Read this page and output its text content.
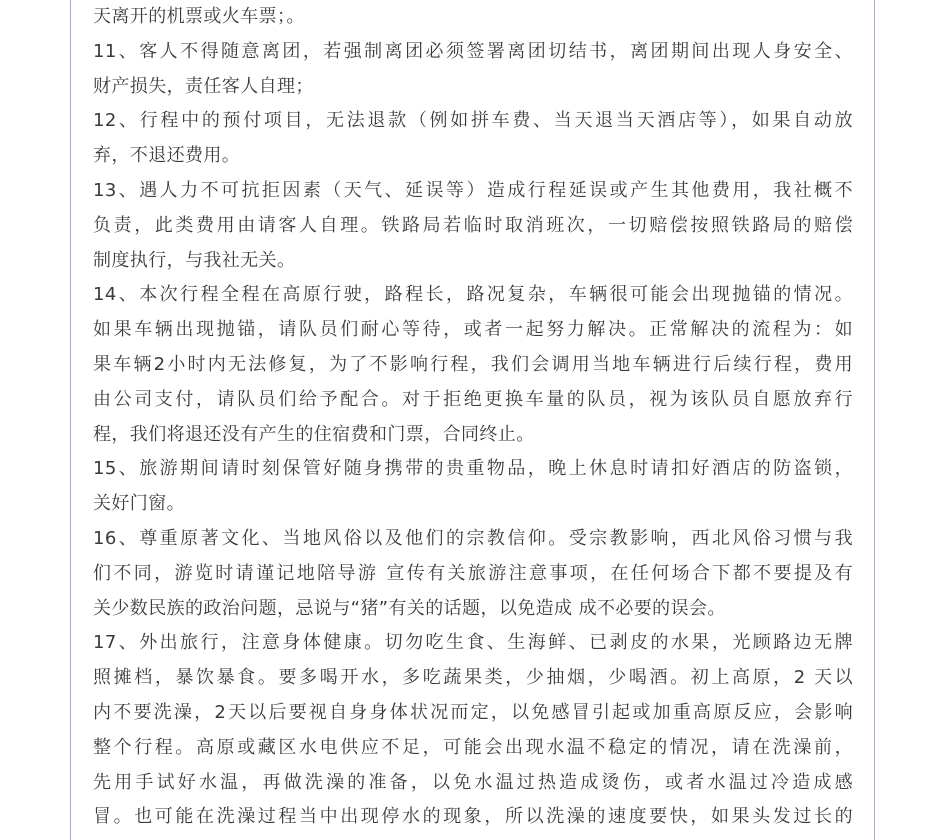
天离开的机票或火车票；。
11、客人不得随意离团，若强制离团必须签署离团切结书，离团期间出现人身安全、
财产损失，责任客人自理；
12、行程中的预付项目，无法退款（例如拼车费、当天退当天酒店等），如果自动放
弃，不退还费用。
13、遇人力不可抗拒因素（天气、延误等）造成行程延误或产生其他费用，我社概不
负责，此类费用由请客人自理。铁路局若临时取消班次，一切赔偿按照铁路局的赔偿
制度执行，与我社无关。
14、本次行程全程在高原行驶，路程长，路况复杂，车辆很可能会出现抛锚的情况。
如果车辆出现抛锚，请队员们耐心等待，或者一起努力解决。正常解决的流程为：如
果车辆2小时内无法修复，为了不影响行程，我们会调用当地车辆进行后续行程，费用
由公司支付，请队员们给予配合。对于拒绝更换车量的队员，视为该队员自愿放弃行
程，我们将退还没有产生的住宿费和门票，合同终止。
15、旅游期间请时刻保管好随身携带的贵重物品，晚上休息时请扣好酒店的防盗锁，
关好门窗。
16、尊重原著文化、当地风俗以及他们的宗教信仰。受宗教影响，西北风俗习惯与我
们不同，游览时请谨记地陪导游 宣传有关旅游注意事项，在任何场合下都不要提及有
关少数民族的政治问题，忌说与“猪”有关的话题，以免造成 成不必要的误会。
17、外出旅行，注意身体健康。切勿吃生食、生海鲜、已剥皮的水果，光顾路边无牌
照摊档，暴饮暴食。要多喝开水，多吃蔬果类，少抽烟，少喝酒。初上高原，2 天以
内不要洗澡，2天以后要视自身身体状况而定，以免感冒引起或加重高原反应，会影响
整个行程。高原或藏区水电供应不足，可能会出现水温不稳定的情况，请在洗澡前，
先用手试好水温，再做洗澡的准备，以免水温过热造成烫伤，或者水温过冷造成感
冒。也可能在洗澡过程当中出现停水的现象，所以洗澡的速度要快，如果头发过长的
